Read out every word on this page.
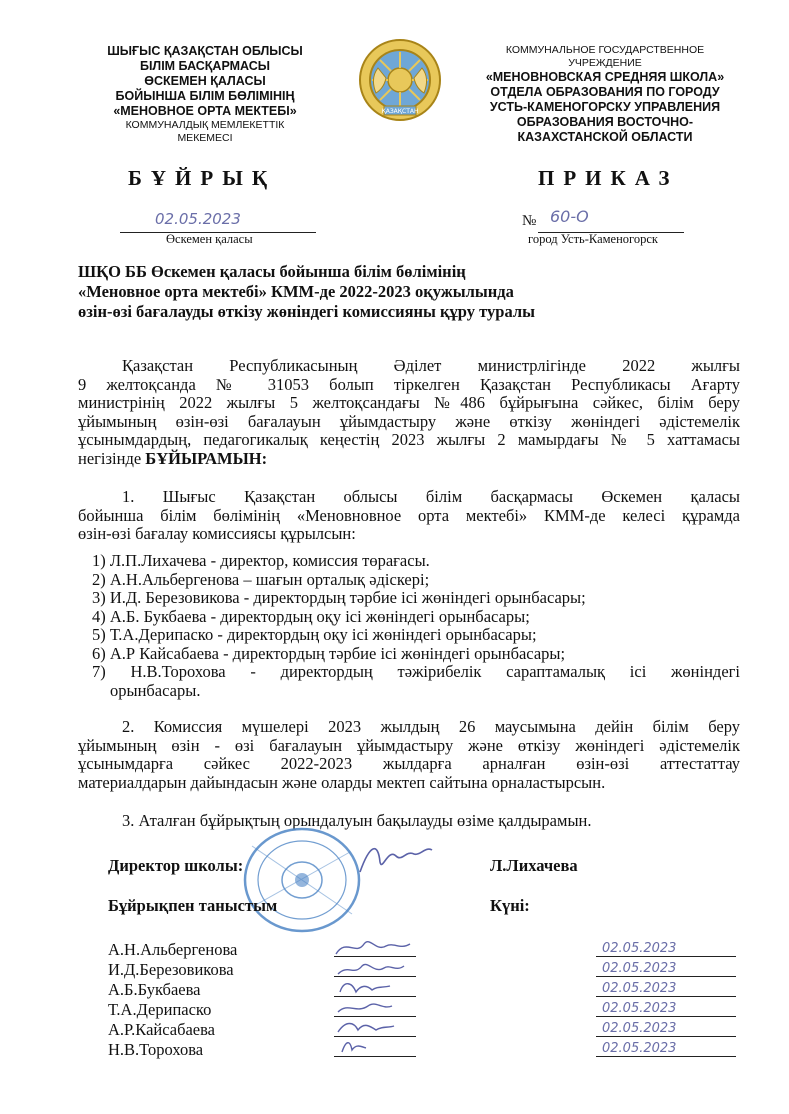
ШЫҒЫС ҚАЗАҚСТАН ОБЛЫСЫ
БІЛІМ БАСҚАРМАСЫ
ӨСКЕМЕН ҚАЛАСЫ
БОЙЫНША БІЛІМ БӨЛІМІНІҢ
«МЕНОВНОЕ ОРТА МЕКТЕБІ»
КОММУНАЛДЫҚ МЕМЛЕКЕТТІК
МЕКЕМЕСІ
ҚАЗАҚСТАН
КОММУНАЛЬНОЕ ГОСУДАРСТВЕННОЕ
УЧРЕЖДЕНИЕ
«МЕНОВНОВСКАЯ СРЕДНЯЯ ШКОЛА»
ОТДЕЛА ОБРАЗОВАНИЯ ПО ГОРОДУ
УСТЬ-КАМЕНОГОРСКУ УПРАВЛЕНИЯ
ОБРАЗОВАНИЯ ВОСТОЧНО-
КАЗАХСТАНСКОЙ ОБЛАСТИ
БҰЙРЫҚ	ПРИКАЗ
02.05.2023
Өскемен қаласы
№ 60-О
город Усть-Каменогорск
ШҚО ББ Өскемен қаласы бойынша білім бөлімінің
«Меновное орта мектебі» КММ-де 2022-2023 оқужылында
өзін-өзі бағалауды өткізу жөніндегі комиссияны құру туралы
Қазақстан Республикасының Әділет министрлігінде 2022 жылғы
9 желтоқсанда № 31053 болып тіркелген Қазақстан Республикасы Ағарту
министрінің 2022 жылғы 5 желтоқсандағы №486 бұйрығына сәйкес, білім беру
ұйымының өзін-өзі бағалауын ұйымдастыру және өткізу жөніндегі әдістемелік
ұсынымдардың, педагогикалық кеңестің 2023 жылғы 2 мамырдағы № 5 хаттамасы
негізінде БҰЙЫРАМЫН:
1. Шығыс Қазақстан облысы білім басқармасы Өскемен қаласы
бойынша білім бөлімінің «Меновновное орта мектебі» КММ-де келесі құрамда
өзін-өзі бағалау комиссиясы құрылсын:
1) Л.П.Лихачева - директор, комиссия төрағасы.
2) А.Н.Альбергенова – шағын орталық әдіскері;
3) И.Д. Березовикова - директордың тәрбие ісі жөніндегі орынбасары;
4) А.Б. Букбаева - директордың оқу ісі жөніндегі орынбасары;
5) Т.А.Дерипаско - директордың оқу ісі жөніндегі орынбасары;
6) А.Р Кайсабаева - директордың тәрбие ісі жөніндегі орынбасары;
7) Н.В.Торохова - директордың тәжірибелік сараптамалық ісі жөніндегі
орынбасары.
2. Комиссия мүшелері 2023 жылдың 26 маусымына дейін білім беру
ұйымының өзін - өзі бағалауын ұйымдастыру және өткізу жөніндегі әдістемелік
ұсынымдарға сәйкес 2022-2023 жылдарға арналған өзін-өзі аттестаттау
материалдарын дайындасын және оларды мектеп сайтына орналастырсын.
3. Аталған бұйрықтың орындалуын бақылауды өзіме қалдырамын.
Директор школы:	Л.Лихачева
Бұйрықпен таныстым	Күні:
А.Н.Альбергенова	02.05.2023
И.Д.Березовикова	02.05.2023
А.Б.Букбаева	02.05.2023
Т.А.Дерипаско	02.05.2023
А.Р.Кайсабаева	02.05.2023
Н.В.Торохова	02.05.2023
